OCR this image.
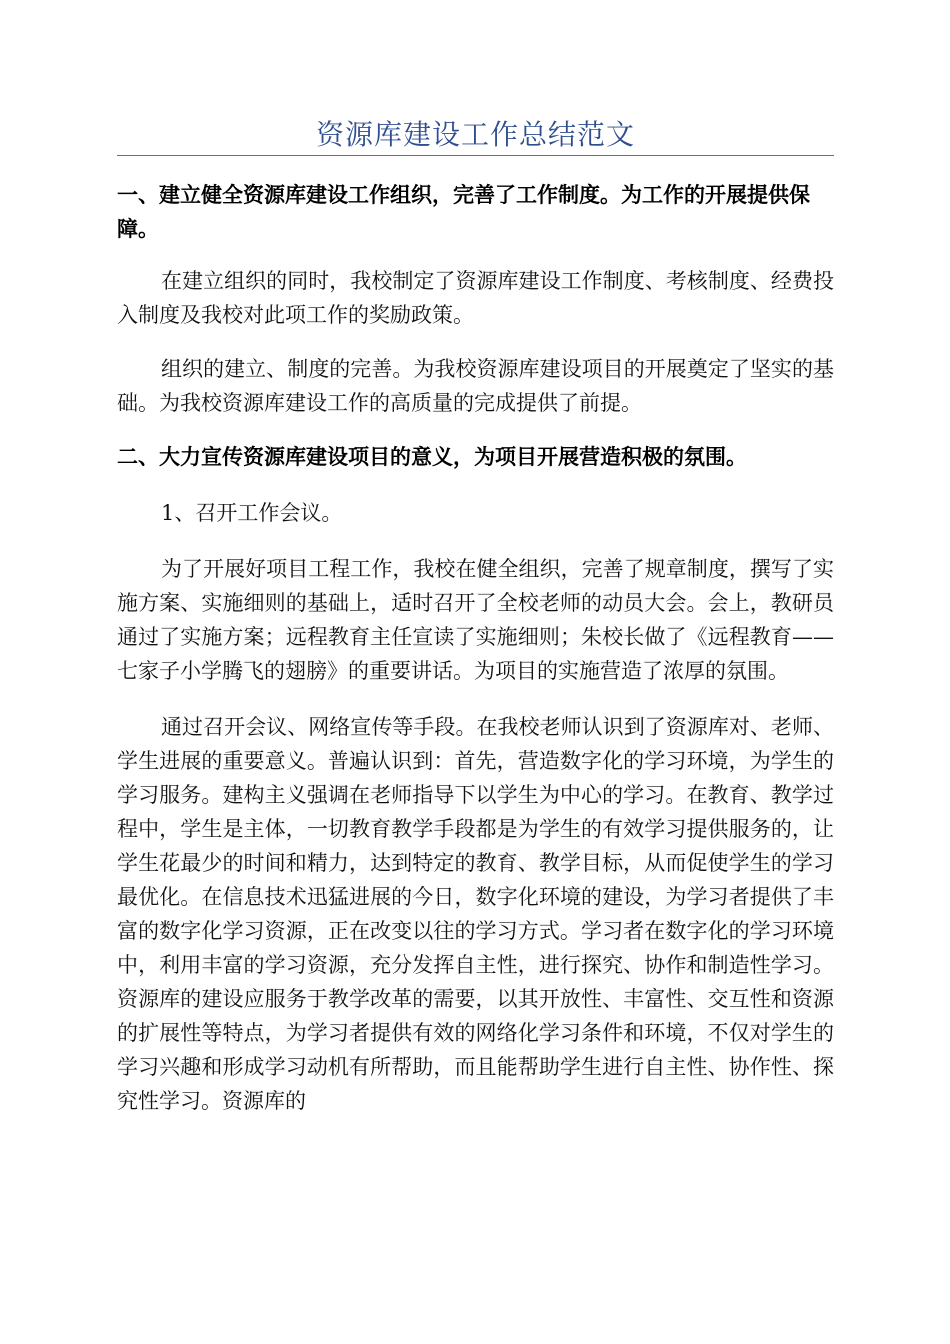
资源库建设工作总结范文

一、建立健全资源库建设工作组织，完善了工作制度。为工作的开展提供保障。

在建立组织的同时，我校制定了资源库建设工作制度、考核制度、经费投入制度及我校对此项工作的奖励政策。

组织的建立、制度的完善。为我校资源库建设项目的开展奠定了坚实的基础。为我校资源库建设工作的高质量的完成提供了前提。

二、大力宣传资源库建设项目的意义，为项目开展营造积极的氛围。

1、召开工作会议。

为了开展好项目工程工作，我校在健全组织，完善了规章制度，撰写了实施方案、实施细则的基础上，适时召开了全校老师的动员大会。会上，教研员通过了实施方案；远程教育主任宣读了实施细则；朱校长做了《远程教育——七家子小学腾飞的翅膀》的重要讲话。为项目的实施营造了浓厚的氛围。

通过召开会议、网络宣传等手段。在我校老师认识到了资源库对、老师、学生进展的重要意义。普遍认识到：首先，营造数字化的学习环境，为学生的学习服务。建构主义强调在老师指导下以学生为中心的学习。在教育、教学过程中，学生是主体，一切教育教学手段都是为学生的有效学习提供服务的，让学生花最少的时间和精力，达到特定的教育、教学目标，从而促使学生的学习最优化。在信息技术迅猛进展的今日，数字化环境的建设，为学习者提供了丰富的数字化学习资源，正在改变以往的学习方式。学习者在数字化的学习环境中，利用丰富的学习资源，充分发挥自主性，进行探究、协作和制造性学习。资源库的建设应服务于教学改革的需要，以其开放性、丰富性、交互性和资源的扩展性等特点，为学习者提供有效的网络化学习条件和环境，不仅对学生的学习兴趣和形成学习动机有所帮助，而且能帮助学生进行自主性、协作性、探究性学习。资源库的
